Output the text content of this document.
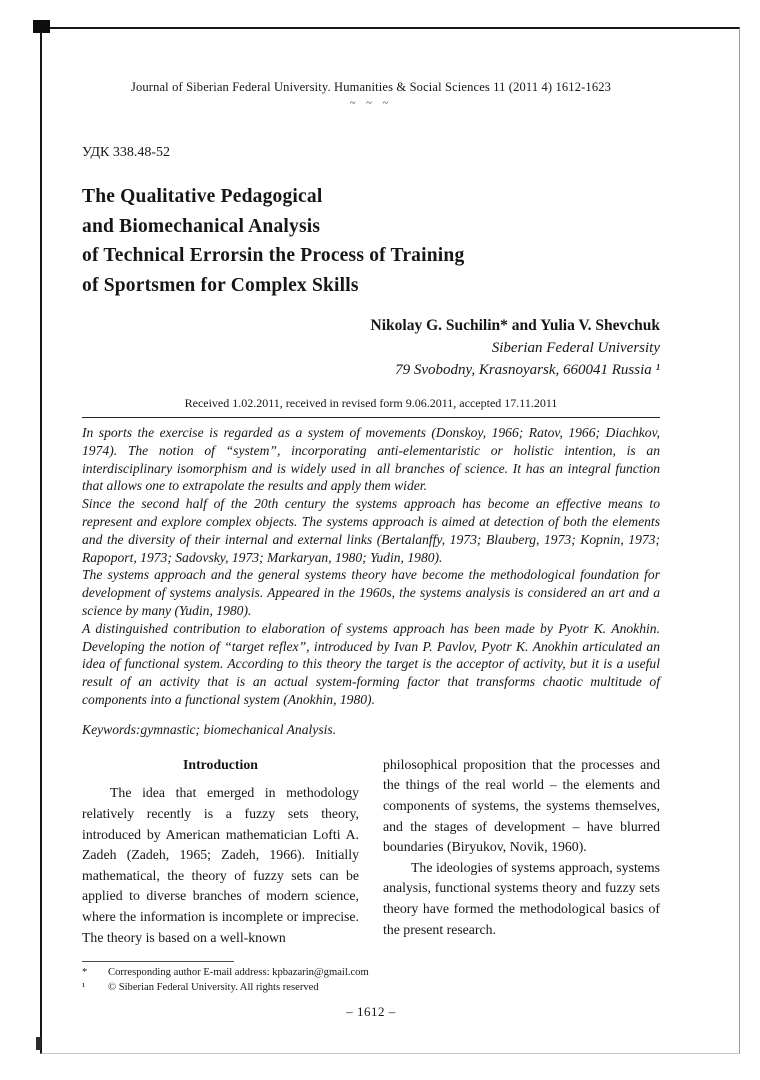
Journal of Siberian Federal University. Humanities & Social Sciences 11 (2011 4) 1612-1623
~ ~ ~
УДК 338.48-52
The Qualitative Pedagogical
and Biomechanical Analysis
of Technical Errorsin the Process of Training
of Sportsmen for Complex Skills
Nikolay G. Suchilin* and Yulia V. Shevchuk
Siberian Federal University
79 Svobodny, Krasnoyarsk, 660041 Russia ¹
Received 1.02.2011, received in revised form 9.06.2011, accepted 17.11.2011

In sports the exercise is regarded as a system of movements (Donskoy, 1966; Ratov, 1966; Diachkov, 1974). The notion of “system”, incorporating anti-elementaristic or holistic intention, is an interdisciplinary isomorphism and is widely used in all branches of science. It has an integral function that allows one to extrapolate the results and apply them wider.

Since the second half of the 20th century the systems approach has become an effective means to represent and explore complex objects. The systems approach is aimed at detection of both the elements and the diversity of their internal and external links (Bertalanffy, 1973; Blauberg, 1973; Kopnin, 1973; Rapoport, 1973; Sadovsky, 1973; Markaryan, 1980; Yudin, 1980).

The systems approach and the general systems theory have become the methodological foundation for development of systems analysis. Appeared in the 1960s, the systems analysis is considered an art and a science by many (Yudin, 1980).

A distinguished contribution to elaboration of systems approach has been made by Pyotr K. Anokhin. Developing the notion of “target reflex”, introduced by Ivan P. Pavlov, Pyotr K. Anokhin articulated an idea of functional system. According to this theory the target is the acceptor of activity, but it is a useful result of an activity that is an actual system-forming factor that transforms chaotic multitude of components into a functional system (Anokhin, 1980).

Keywords:gymnastic; biomechanical Analysis.
Introduction

The idea that emerged in methodology relatively recently is a fuzzy sets theory, introduced by American mathematician Lofti A. Zadeh (Zadeh, 1965; Zadeh, 1966). Initially mathematical, the theory of fuzzy sets can be applied to diverse branches of modern science, where the information is incomplete or imprecise. The theory is based on a well-known

philosophical proposition that the processes and the things of the real world – the elements and components of systems, the systems themselves, and the stages of development – have blurred boundaries (Biryukov, Novik, 1960).

The ideologies of systems approach, systems analysis, functional systems theory and fuzzy sets theory have formed the methodological basics of the present research.

*	Corresponding author E-mail address: kpbazarin@gmail.com
¹	© Siberian Federal University. All rights reserved
– 1612 –
